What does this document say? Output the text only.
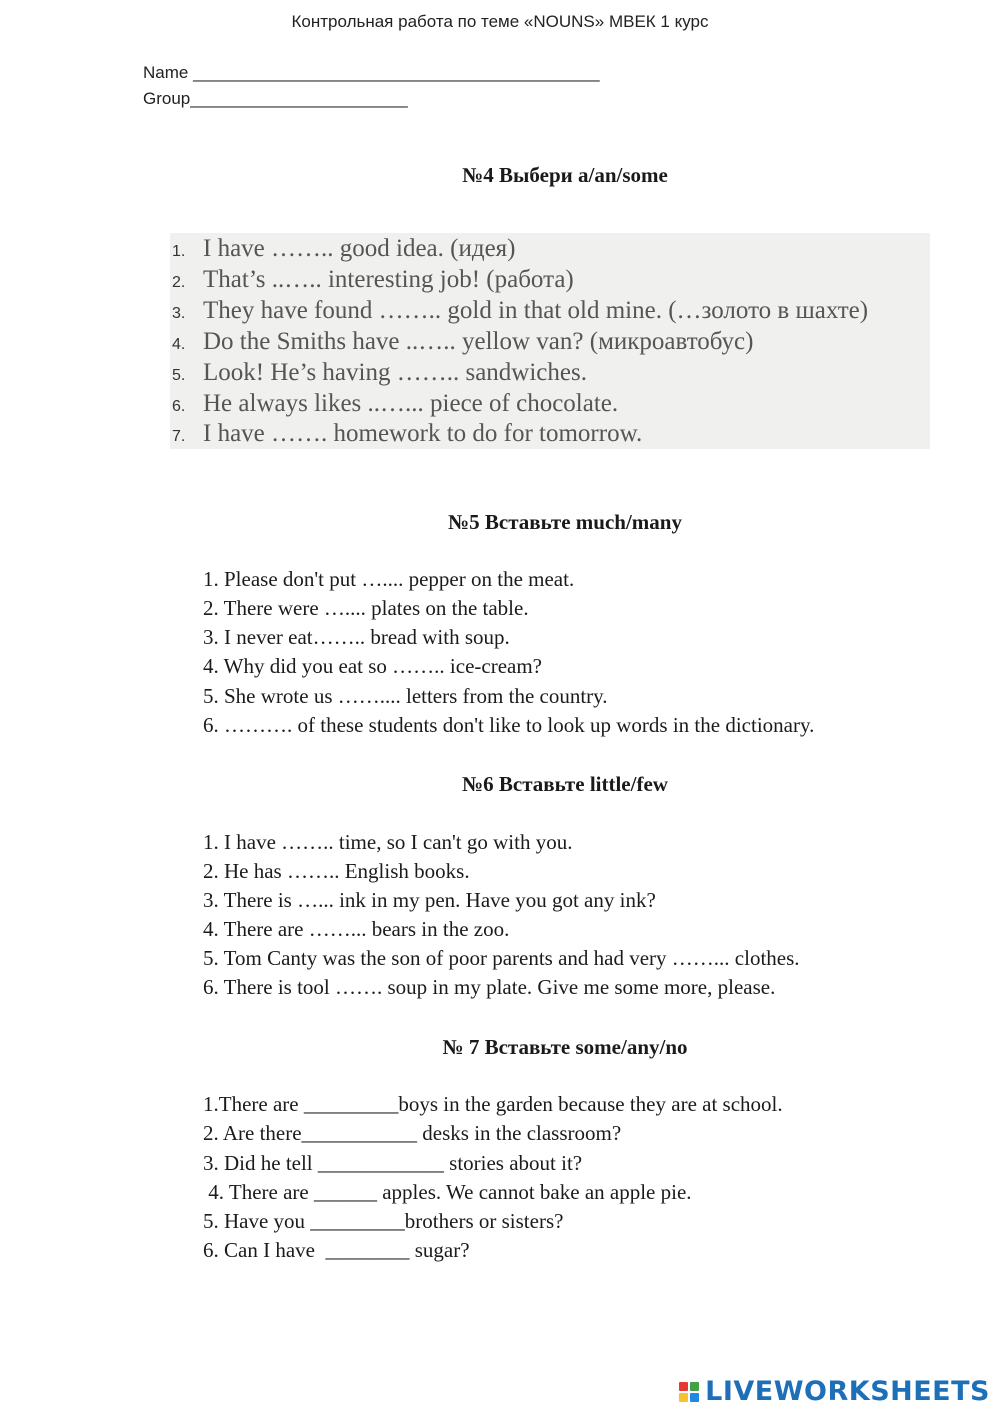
Контрольная работа по теме «NOUNS» МВЕК 1 курс
Name ___________________________________________
Group_______________________
№4 Выбери a/an/some
1. I have …….. good idea. (идея)
2. That’s ..….. interesting job! (работа)
3. They have found …….. gold in that old mine. (…золото в шахте)
4. Do the Smiths have ..….. yellow van? (микроавтобус)
5. Look! He’s having …….. sandwiches.
6. He always likes ..…... piece of chocolate.
7. I have ……. homework to do for tomorrow.
№5 Вставьте much/many
1. Please don't put ….... pepper on the meat.
2. There were ….... plates on the table.
3. I never eat…….. bread with soup.
4. Why did you eat so …….. ice-cream?
5. She wrote us …….... letters from the country.
6. ………. of these students don't like to look up words in the dictionary.
№6 Вставьте little/few
1. I have …….. time, so I can't go with you.
2. He has …….. English books.
3. There is …... ink in my pen. Have you got any ink?
4. There are ……... bears in the zoo.
5. Tom Canty was the son of poor parents and had very ……... clothes.
6. There is tool ……. soup in my plate. Give me some more, please.
№ 7 Вставьте some/any/no
1.There are _________boys in the garden because they are at school.
2. Are there___________ desks in the classroom?
3. Did he tell ____________ stories about it?
4. There are ______ apples. We cannot bake an apple pie.
5. Have you _________brothers or sisters?
6. Can I have  ________ sugar?
LIVEWORKSHEETS
